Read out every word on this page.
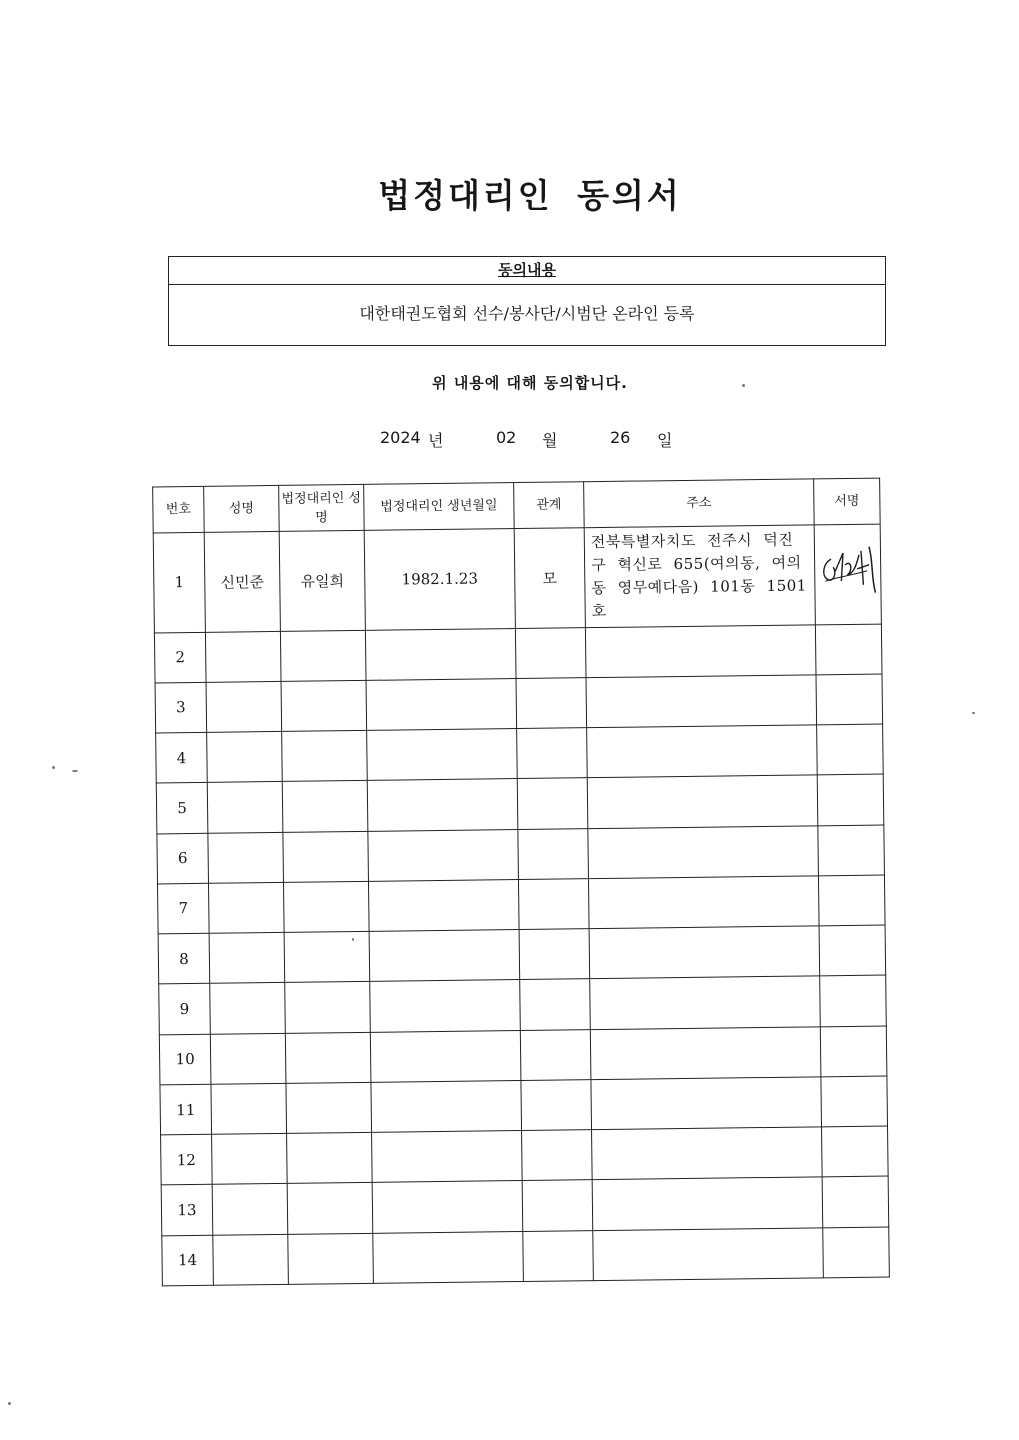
법정대리인 동의서
동의내용
대한태권도협회 선수/봉사단/시범단 온라인 등록
위 내용에 대해 동의합니다.
2024 년	02 월	26 일
번호	성명	법정대리인 성명	법정대리인 생년월일	관계	주소	서명
1	신민준	유일희	1982.1.23	모	전북특별자치도 전주시 덕진구 혁신로 655(여의동, 여의동 영무예다음) 101동 1501호	

2						
3						
4						
5						
6						
7						
8						
9						
10						
11						
12						
13						
14						
